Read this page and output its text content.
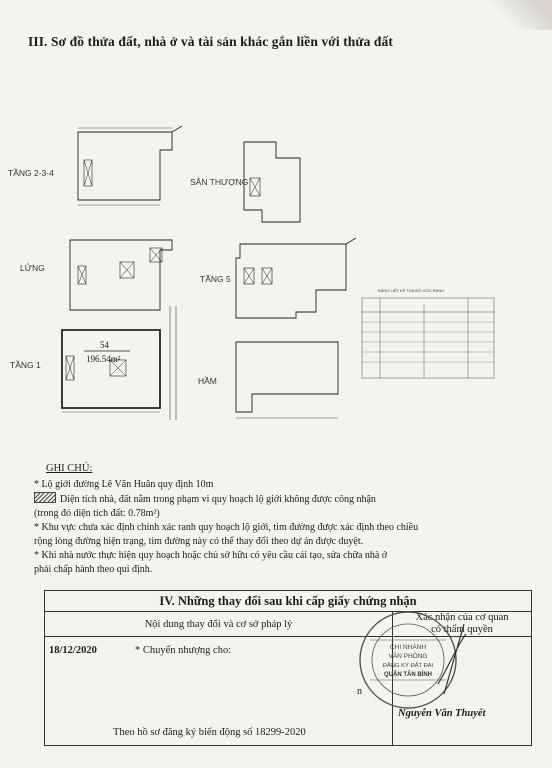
III. Sơ đồ thửa đất, nhà ở và tài sản khác gắn liền với thửa đất
54
196.54m²
BẢNG LIỆT KÊ TỌA ĐỘ GÓC RANH
TẦNG 2-3-4
SÂN THƯỢNG
LỬNG
TẦNG 5
TẦNG 1
HẦM
GHI CHÚ:

* Lộ giới đường Lê Văn Huân quy định 10m

Diện tích nhà, đất nằm trong phạm vi quy hoạch lộ giới không được công nhận

(trong đó diện tích đất: 0.78m²)

* Khu vực chưa xác định chính xác ranh quy hoạch lộ giới, tim đường được xác định theo chiều

rộng lòng đường hiện trạng, tim đường này có thể thay đổi theo dự án được duyệt.

* Khi nhà nước thực hiện quy hoạch hoặc chủ sở hữu có yêu cầu cải tạo, sửa chữa nhà ở

phải chấp hành theo qui định.

IV. Những thay đổi sau khi cấp giấy chứng nhận	
Nội dung thay đổi và cơ sở pháp lý	Xác nhận của cơ quan
có thẩm quyền

18/12/2020 * Chuyển nhượng cho:
Theo hồ sơ đăng ký biến động số 18299-2020	

n
CHI NHÁNH
VĂN PHÒNG
ĐĂNG KÝ ĐẤT ĐAI
QUẬN TÂN BÌNH
Nguyễn Văn Thuyết
